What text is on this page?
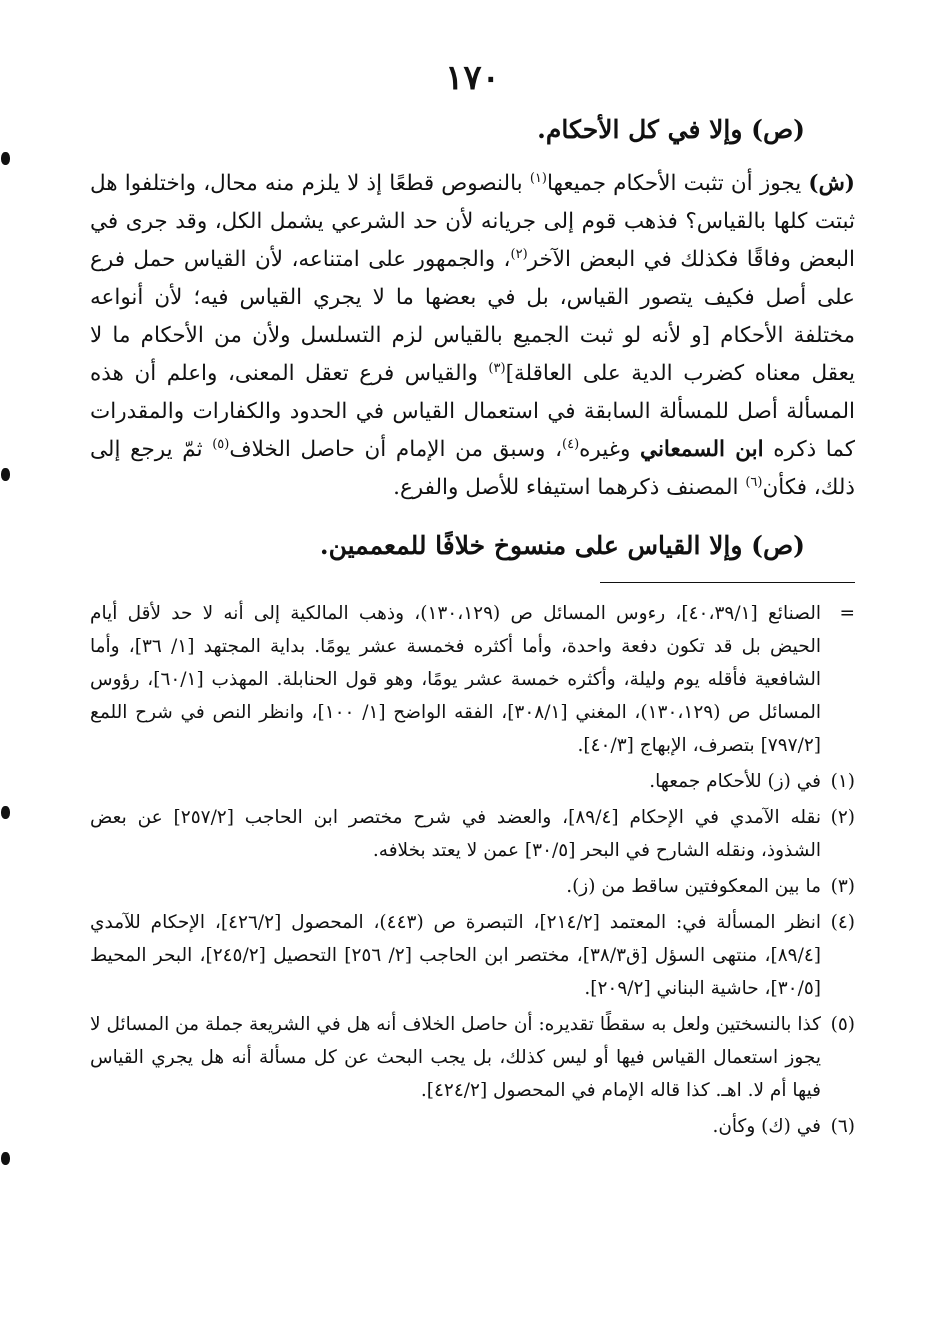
١٧٠
(ص) وإلا في كل الأحكام.

(ش) يجوز أن تثبت الأحكام جميعها$^{(١)}$ بالنصوص قطعًا إذ لا يلزم منه محال، واختلفوا هل ثبتت كلها بالقياس؟ فذهب قوم إلى جريانه لأن حد الشرعي يشمل الكل، وقد جرى في البعض وفاقًا فكذلك في البعض الآخر$^{(٢)}$، والجمهور على امتناعه، لأن القياس حمل فرع على أصل فكيف يتصور القياس، بل في بعضها ما لا يجري القياس فيه؛ لأن أنواعه مختلفة الأحكام [و لأنه لو ثبت الجميع بالقياس لزم التسلسل ولأن من الأحكام ما لا يعقل معناه كضرب الدية على العاقلة]$^{(٣)}$ والقياس فرع تعقل المعنى، واعلم أن هذه المسألة أصل للمسألة السابقة في استعمال القياس في الحدود والكفارات والمقدرات كما ذكره ابن السمعاني وغيره$^{(٤)}$، وسبق من الإمام أن حاصل الخلاف$^{(٥)}$ ثمّ يرجع إلى ذلك، فكأن$^{(٦)}$ المصنف ذكرهما استيفاء للأصل والفرع.

(ص) وإلا القياس على منسوخ خلافًا للمعممين.
=
الصنائع [٤٠،٣٩/١]، رءوس المسائل ص (١٣٠،١٢٩)، وذهب المالكية إلى أنه لا حد لأقل أيام الحيض بل قد تكون دفعة واحدة، وأما أكثره فخمسة عشر يومًا. بداية المجتهد [١/ ٣٦]، وأما الشافعية فأقله يوم وليلة، وأكثره خمسة عشر يومًا، وهو قول الحنابلة. المهذب [٦٠/١]، رؤوس المسائل ص (١٣٠،١٢٩)، المغني [٣٠٨/١]، الفقه الواضح [١/ ١٠٠]، وانظر النص في شرح اللمع [٧٩٧/٢] بتصرف، الإبهاج [٤٠/٣].
(١)
في (ز) للأحكام جمعها.
(٢)
نقله الآمدي في الإحكام [٨٩/٤]، والعضد في شرح مختصر ابن الحاجب [٢٥٧/٢] عن بعض الشذوذ، ونقله الشارح في البحر [٣٠/٥] عمن لا يعتد بخلافه.
(٣)
ما بين المعكوفتين ساقط من (ز).
(٤)
انظر المسألة في: المعتمد [٢١٤/٢]، التبصرة ص (٤٤٣)، المحصول [٤٢٦/٢]، الإحكام للآمدي [٨٩/٤]، منتهى السؤل [ق٣٨/٣]، مختصر ابن الحاجب [٢/ ٢٥٦] التحصيل [٢٤٥/٢]، البحر المحيط [٣٠/٥]، حاشية البناني [٢٠٩/٢].
(٥)
كذا بالنسختين ولعل به سقطًا تقديره: أن حاصل الخلاف أنه هل في الشريعة جملة من المسائل لا يجوز استعمال القياس فيها أو ليس كذلك، بل يجب البحث عن كل مسألة أنه هل يجري القياس فيها أم لا. اهـ. كذا قاله الإمام في المحصول [٤٢٤/٢].
(٦)
في (ك) وكأن.
